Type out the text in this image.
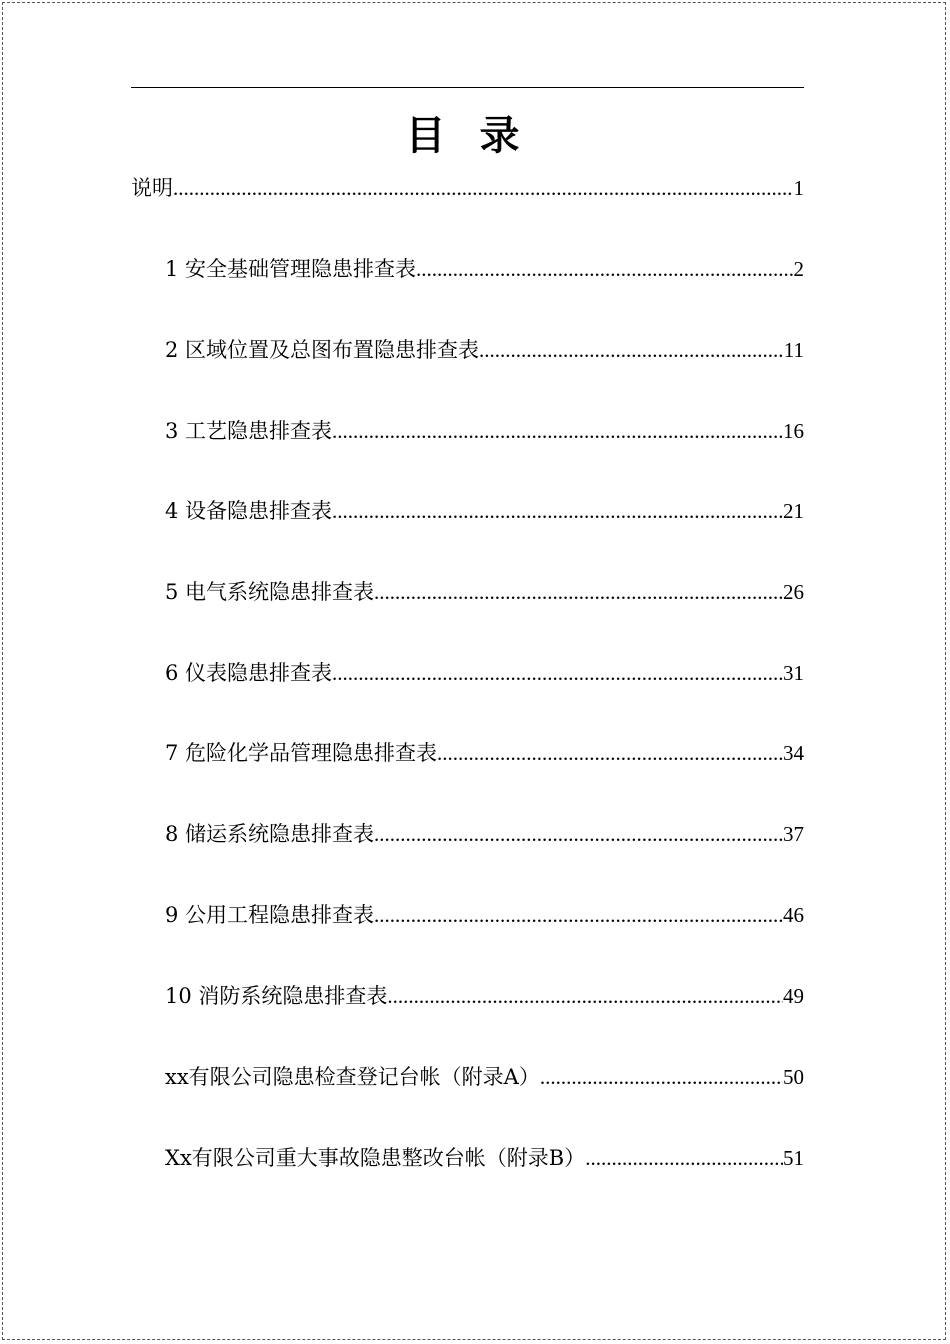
目 录
说明 .....	1
1 安全基础管理隐患排查表 .....	2
2 区域位置及总图布置隐患排查表 .....	11
3 工艺隐患排查表 .....	16
4 设备隐患排查表 .....	21
5 电气系统隐患排查表 .....	26
6 仪表隐患排查表 .....	31
7 危险化学品管理隐患排查表 .....	34
8 储运系统隐患排查表 .....	37
9 公用工程隐患排查表 .....	46
10 消防系统隐患排查表 .....	49
xx有限公司隐患检查登记台帐（附录A） .....	50
Xx有限公司重大事故隐患整改台帐（附录B） .....	51
